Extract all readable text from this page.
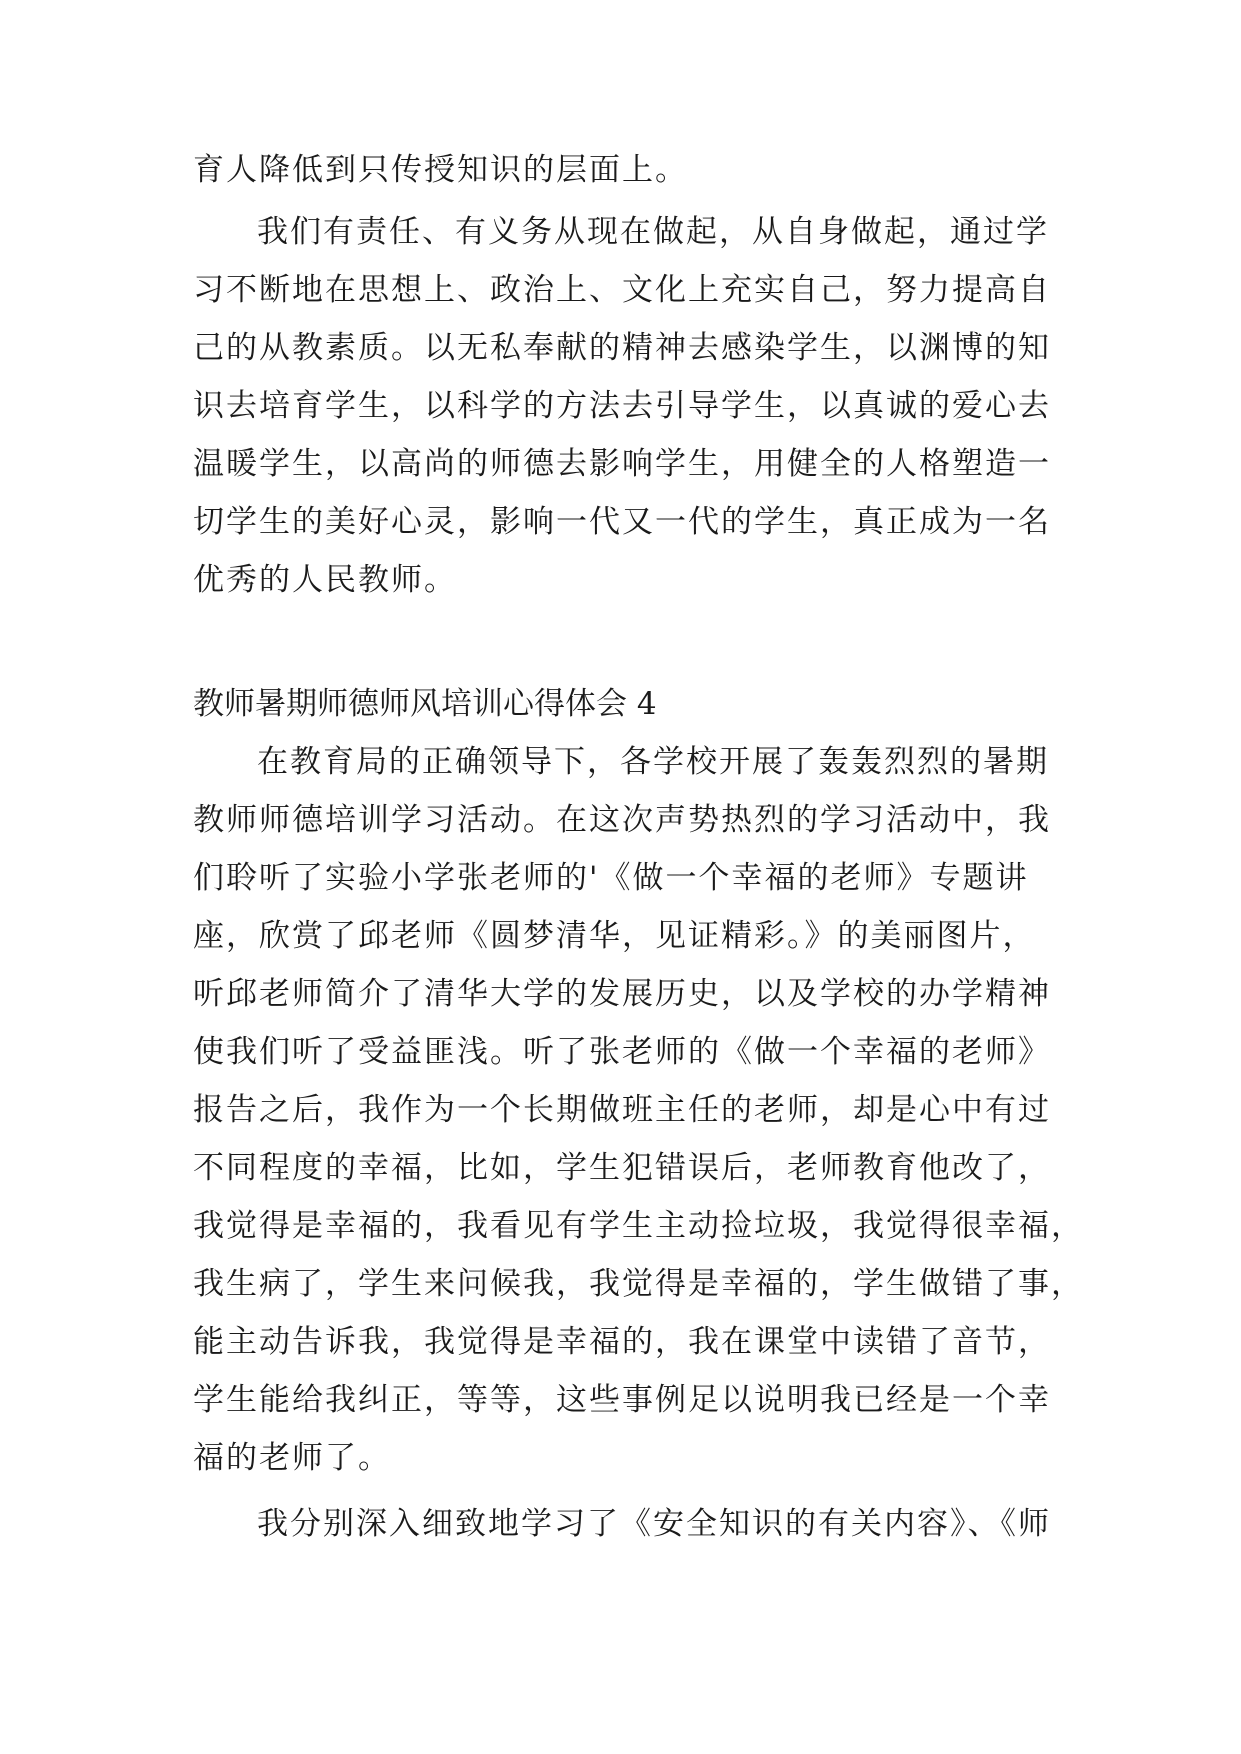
育人降低到只传授知识的层面上。
我们有责任、有义务从现在做起，从自身做起，通过学
习不断地在思想上、政治上、文化上充实自己，努力提高自
己的从教素质。以无私奉献的精神去感染学生，以渊博的知
识去培育学生，以科学的方法去引导学生，以真诚的爱心去
温暖学生，以高尚的师德去影响学生，用健全的人格塑造一
切学生的美好心灵，影响一代又一代的学生，真正成为一名
优秀的人民教师。
教师暑期师德师风培训心得体会 4
在教育局的正确领导下，各学校开展了轰轰烈烈的暑期
教师师德培训学习活动。在这次声势热烈的学习活动中，我
们聆听了实验小学张老师的'《做一个幸福的老师》专题讲
座，欣赏了邱老师《圆梦清华，见证精彩。》的美丽图片，
听邱老师简介了清华大学的发展历史，以及学校的办学精神
使我们听了受益匪浅。听了张老师的《做一个幸福的老师》
报告之后，我作为一个长期做班主任的老师，却是心中有过
不同程度的幸福，比如，学生犯错误后，老师教育他改了，
我觉得是幸福的，我看见有学生主动捡垃圾，我觉得很幸福，
我生病了，学生来问候我，我觉得是幸福的，学生做错了事，
能主动告诉我，我觉得是幸福的，我在课堂中读错了音节，
学生能给我纠正，等等，这些事例足以说明我已经是一个幸
福的老师了。
我分别深入细致地学习了《安全知识的有关内容》、《师
